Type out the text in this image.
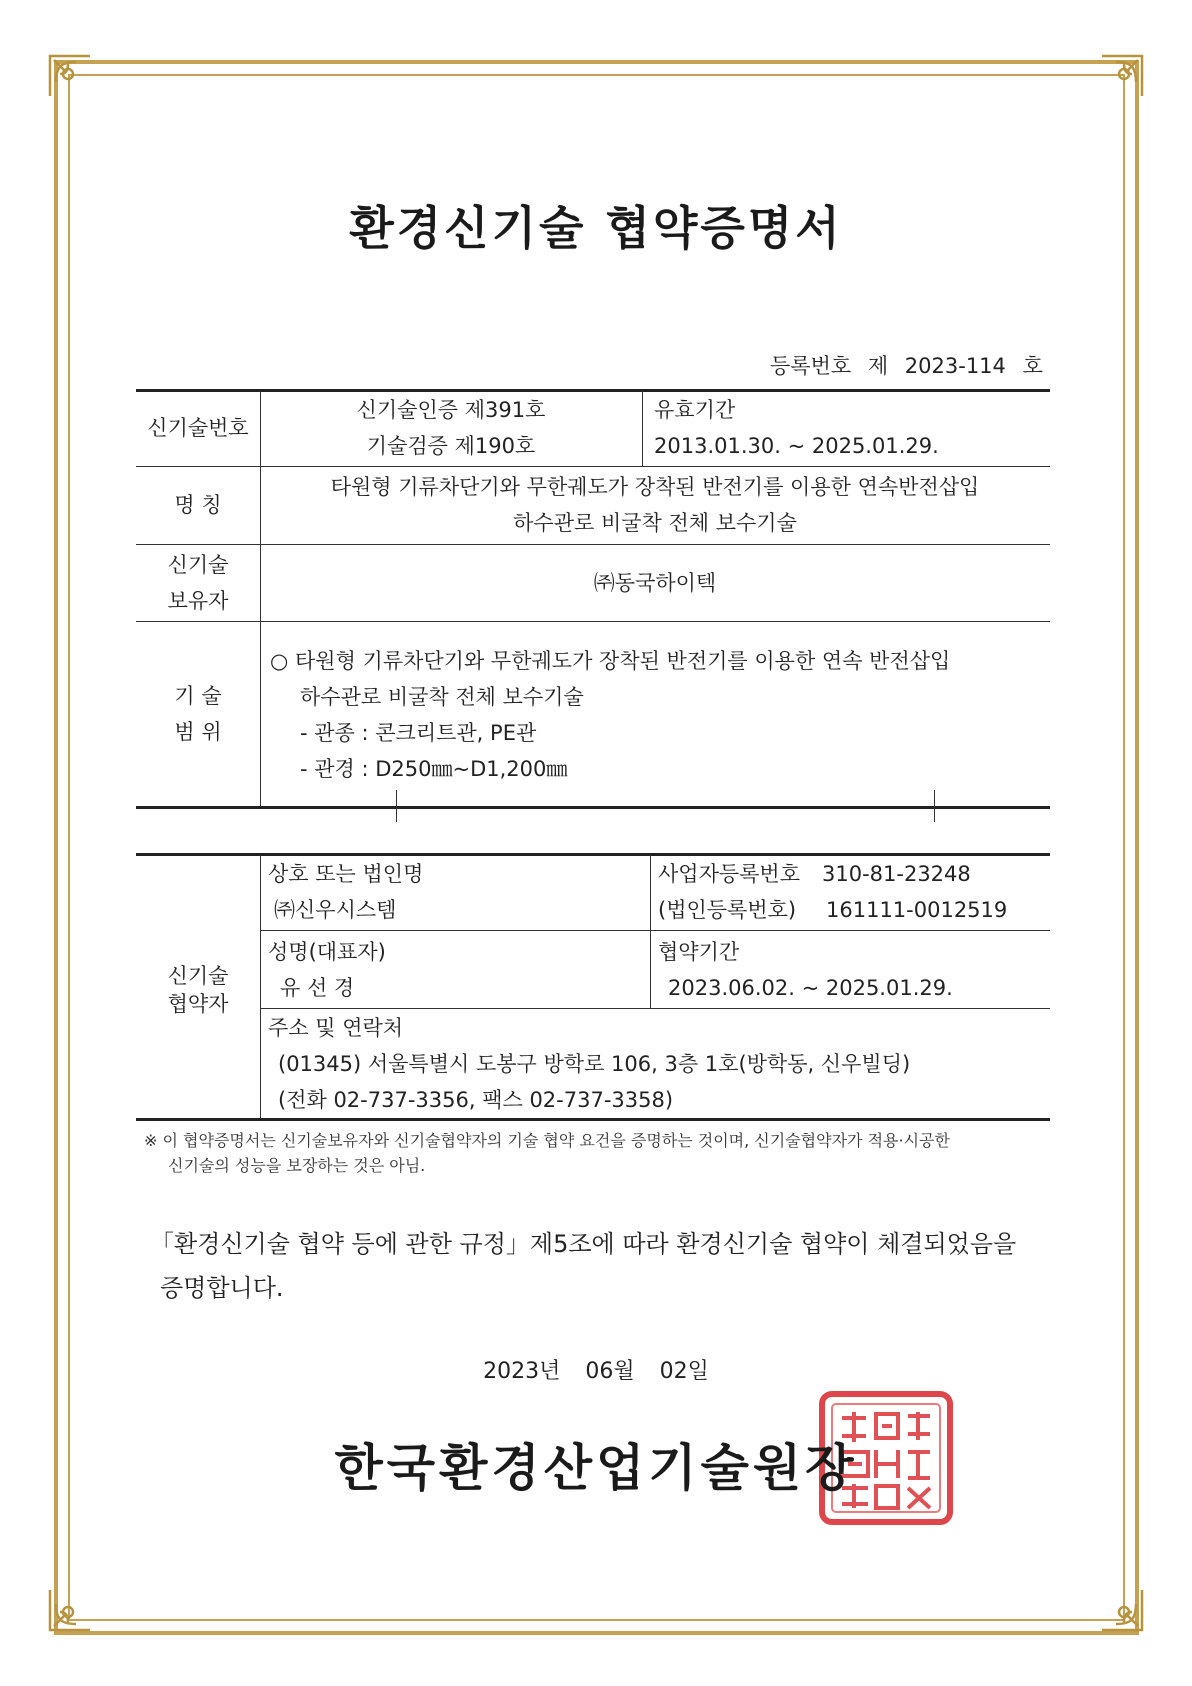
환경신기술 협약증명서
등록번호 제 2023-114 호
신기술번호
신기술인증 제391호
기술검증 제190호
유효기간
2013.01.30. ~ 2025.01.29.
명 칭
타원형 기류차단기와 무한궤도가 장착된 반전기를 이용한 연속반전삽입
하수관로 비굴착 전체 보수기술
신기술
보유자
㈜동국하이텍
기 술
범 위
○ 타원형 기류차단기와 무한궤도가 장착된 반전기를 이용한 연속 반전삽입
하수관로 비굴착 전체 보수기술
- 관종 : 콘크리트관, PE관
- 관경 : D250㎜~D1,200㎜
신기술
협약자
상호 또는 법인명
㈜신우시스템
사업자등록번호 310-81-23248
(법인등록번호) 161111-0012519
성명(대표자)
유 선 경
협약기간
2023.06.02. ~ 2025.01.29.
주소 및 연락처
(01345) 서울특별시 도봉구 방학로 106, 3층 1호(방학동, 신우빌딩)
(전화 02-737-3356, 팩스 02-737-3358)
※ 이 협약증명서는 신기술보유자와 신기술협약자의 기술 협약 요건을 증명하는 것이며, 신기술협약자가 적용·시공한
신기술의 성능을 보장하는 것은 아님.
「환경신기술 협약 등에 관한 규정」제5조에 따라 환경신기술 협약이 체결되었음을
증명합니다.
2023년 06월 02일
한국환경산업기술원장
